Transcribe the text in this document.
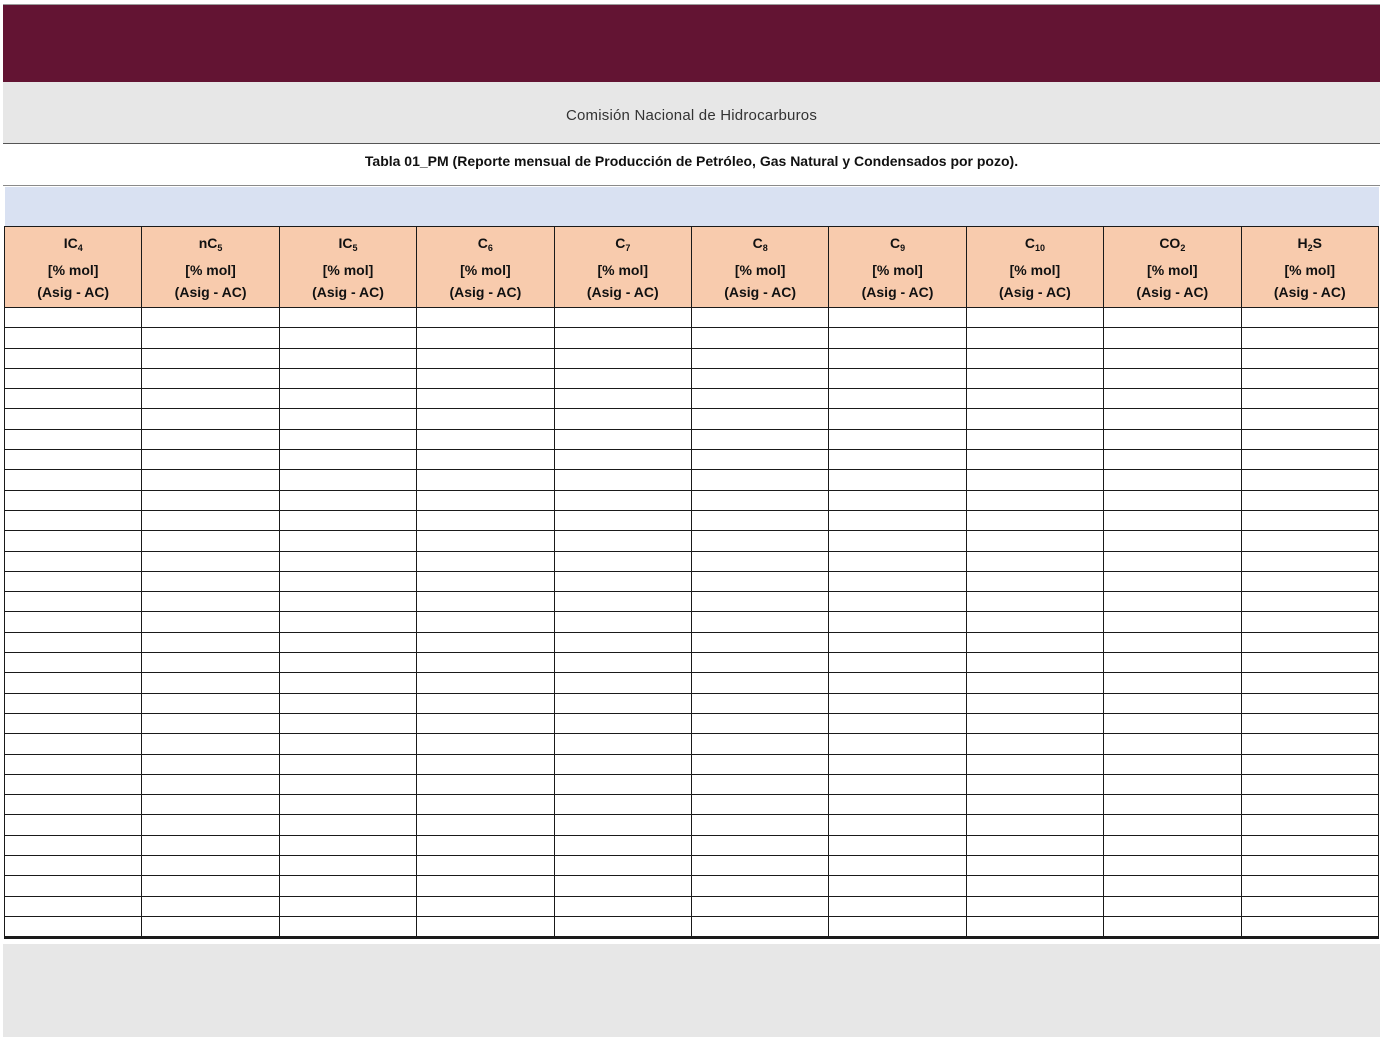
Comisión Nacional de Hidrocarburos
Tabla 01_PM (Reporte mensual de Producción de Petróleo, Gas Natural y Condensados por pozo).
$IC_4$
[% mol]
(Asig - AC)	$nC_5$
[% mol]
(Asig - AC)	$IC_5$
[% mol]
(Asig - AC)	$C_6$
[% mol]
(Asig - AC)	$C_7$
[% mol]
(Asig - AC)	$C_8$
[% mol]
(Asig - AC)	$C_9$
[% mol]
(Asig - AC)	$C_{10}$
[% mol]
(Asig - AC)	$CO_2$
[% mol]
(Asig - AC)	$H_2S$
[% mol]
(Asig - AC)
